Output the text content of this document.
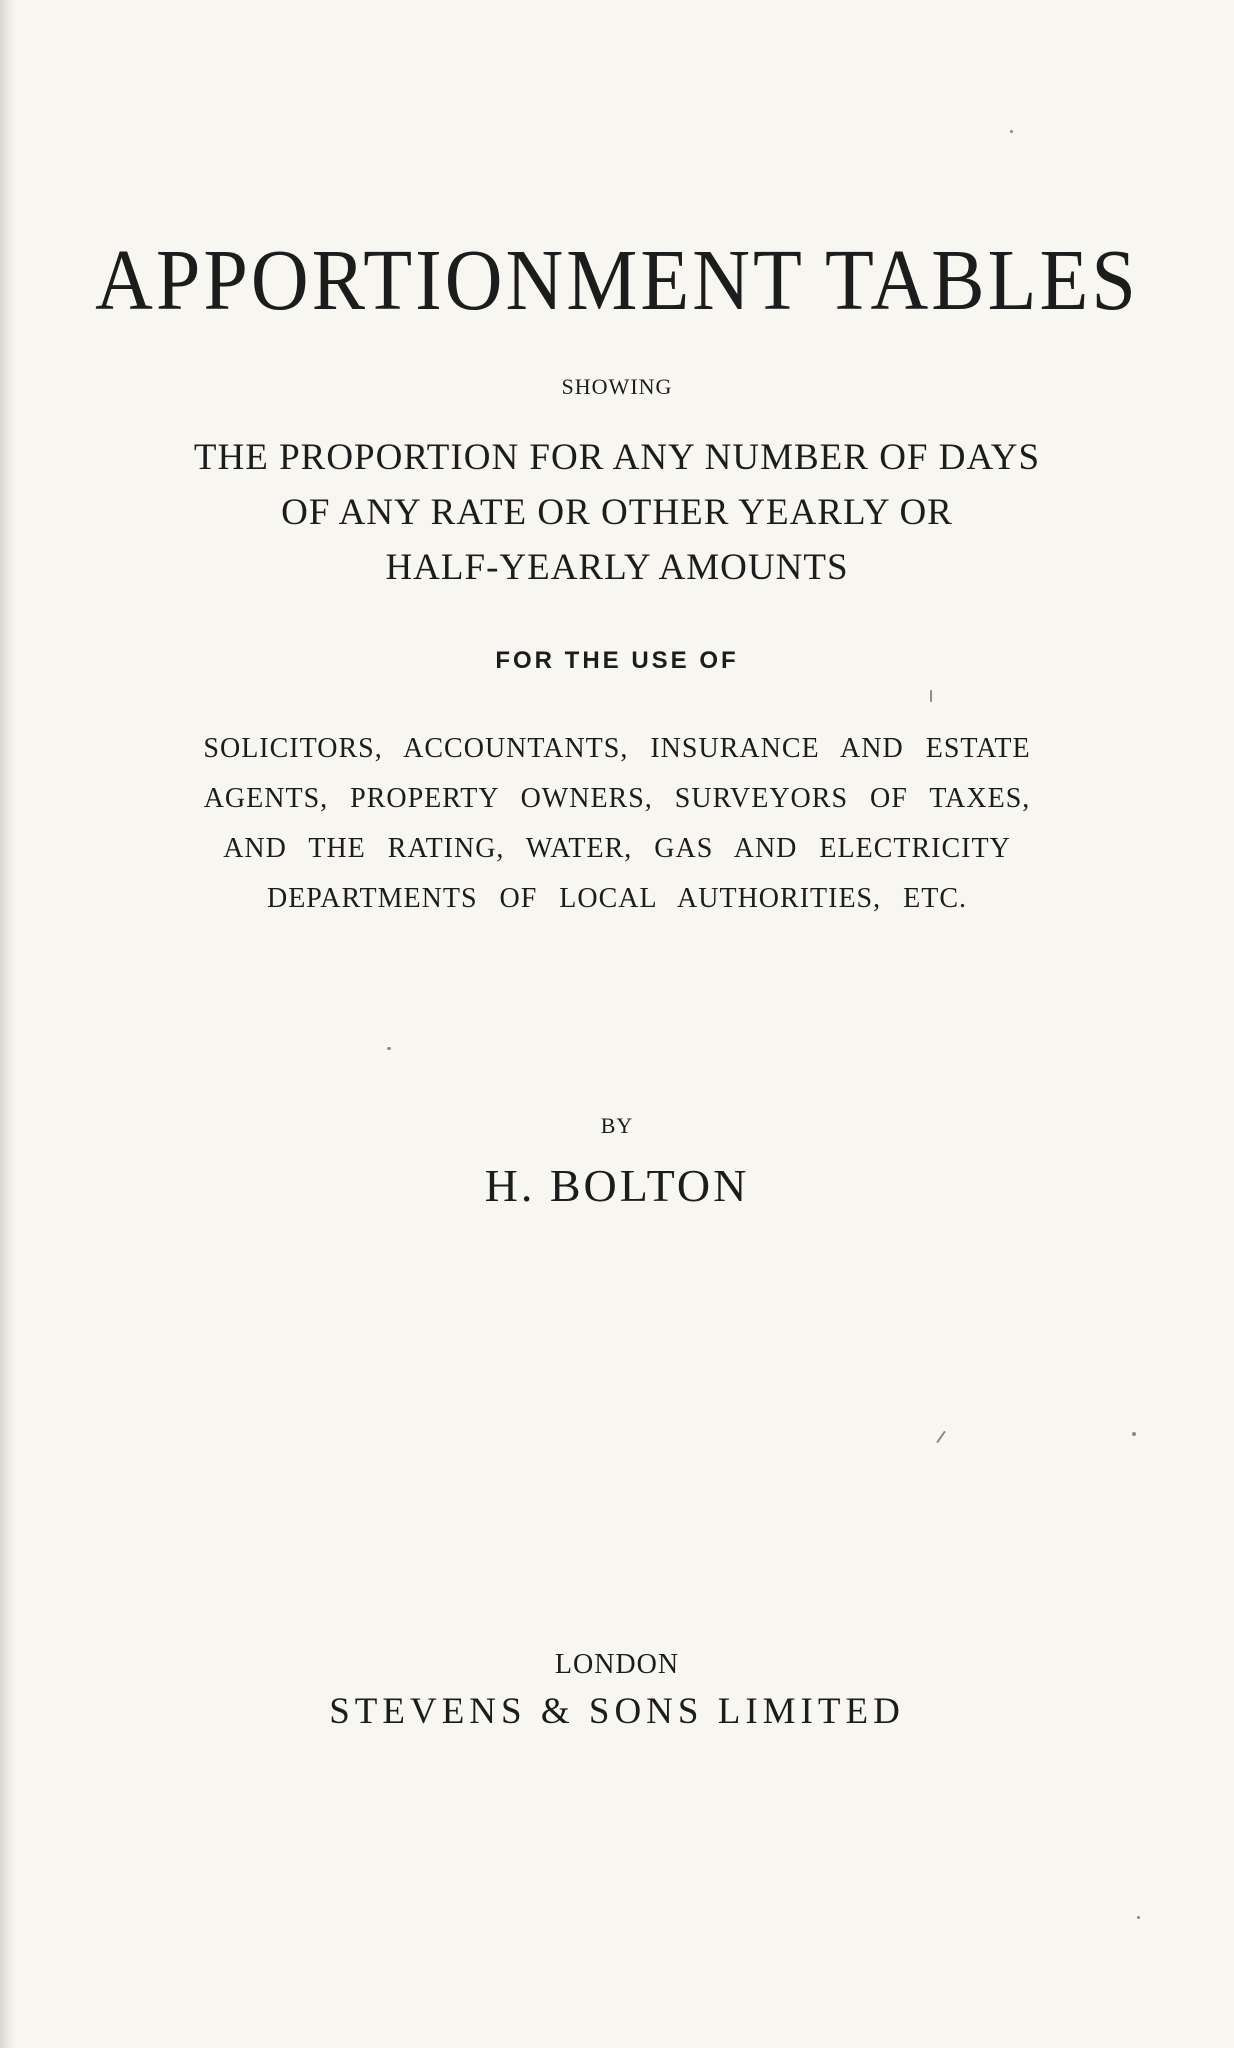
APPORTIONMENT TABLES
SHOWING
THE PROPORTION FOR ANY NUMBER OF DAYS
OF ANY RATE OR OTHER YEARLY OR
HALF-YEARLY AMOUNTS
FOR THE USE OF
SOLICITORS, ACCOUNTANTS, INSURANCE AND ESTATE
AGENTS, PROPERTY OWNERS, SURVEYORS OF TAXES,
AND THE RATING, WATER, GAS AND ELECTRICITY
DEPARTMENTS OF LOCAL AUTHORITIES, ETC.
BY
H. BOLTON
LONDON
STEVENS & SONS LIMITED
